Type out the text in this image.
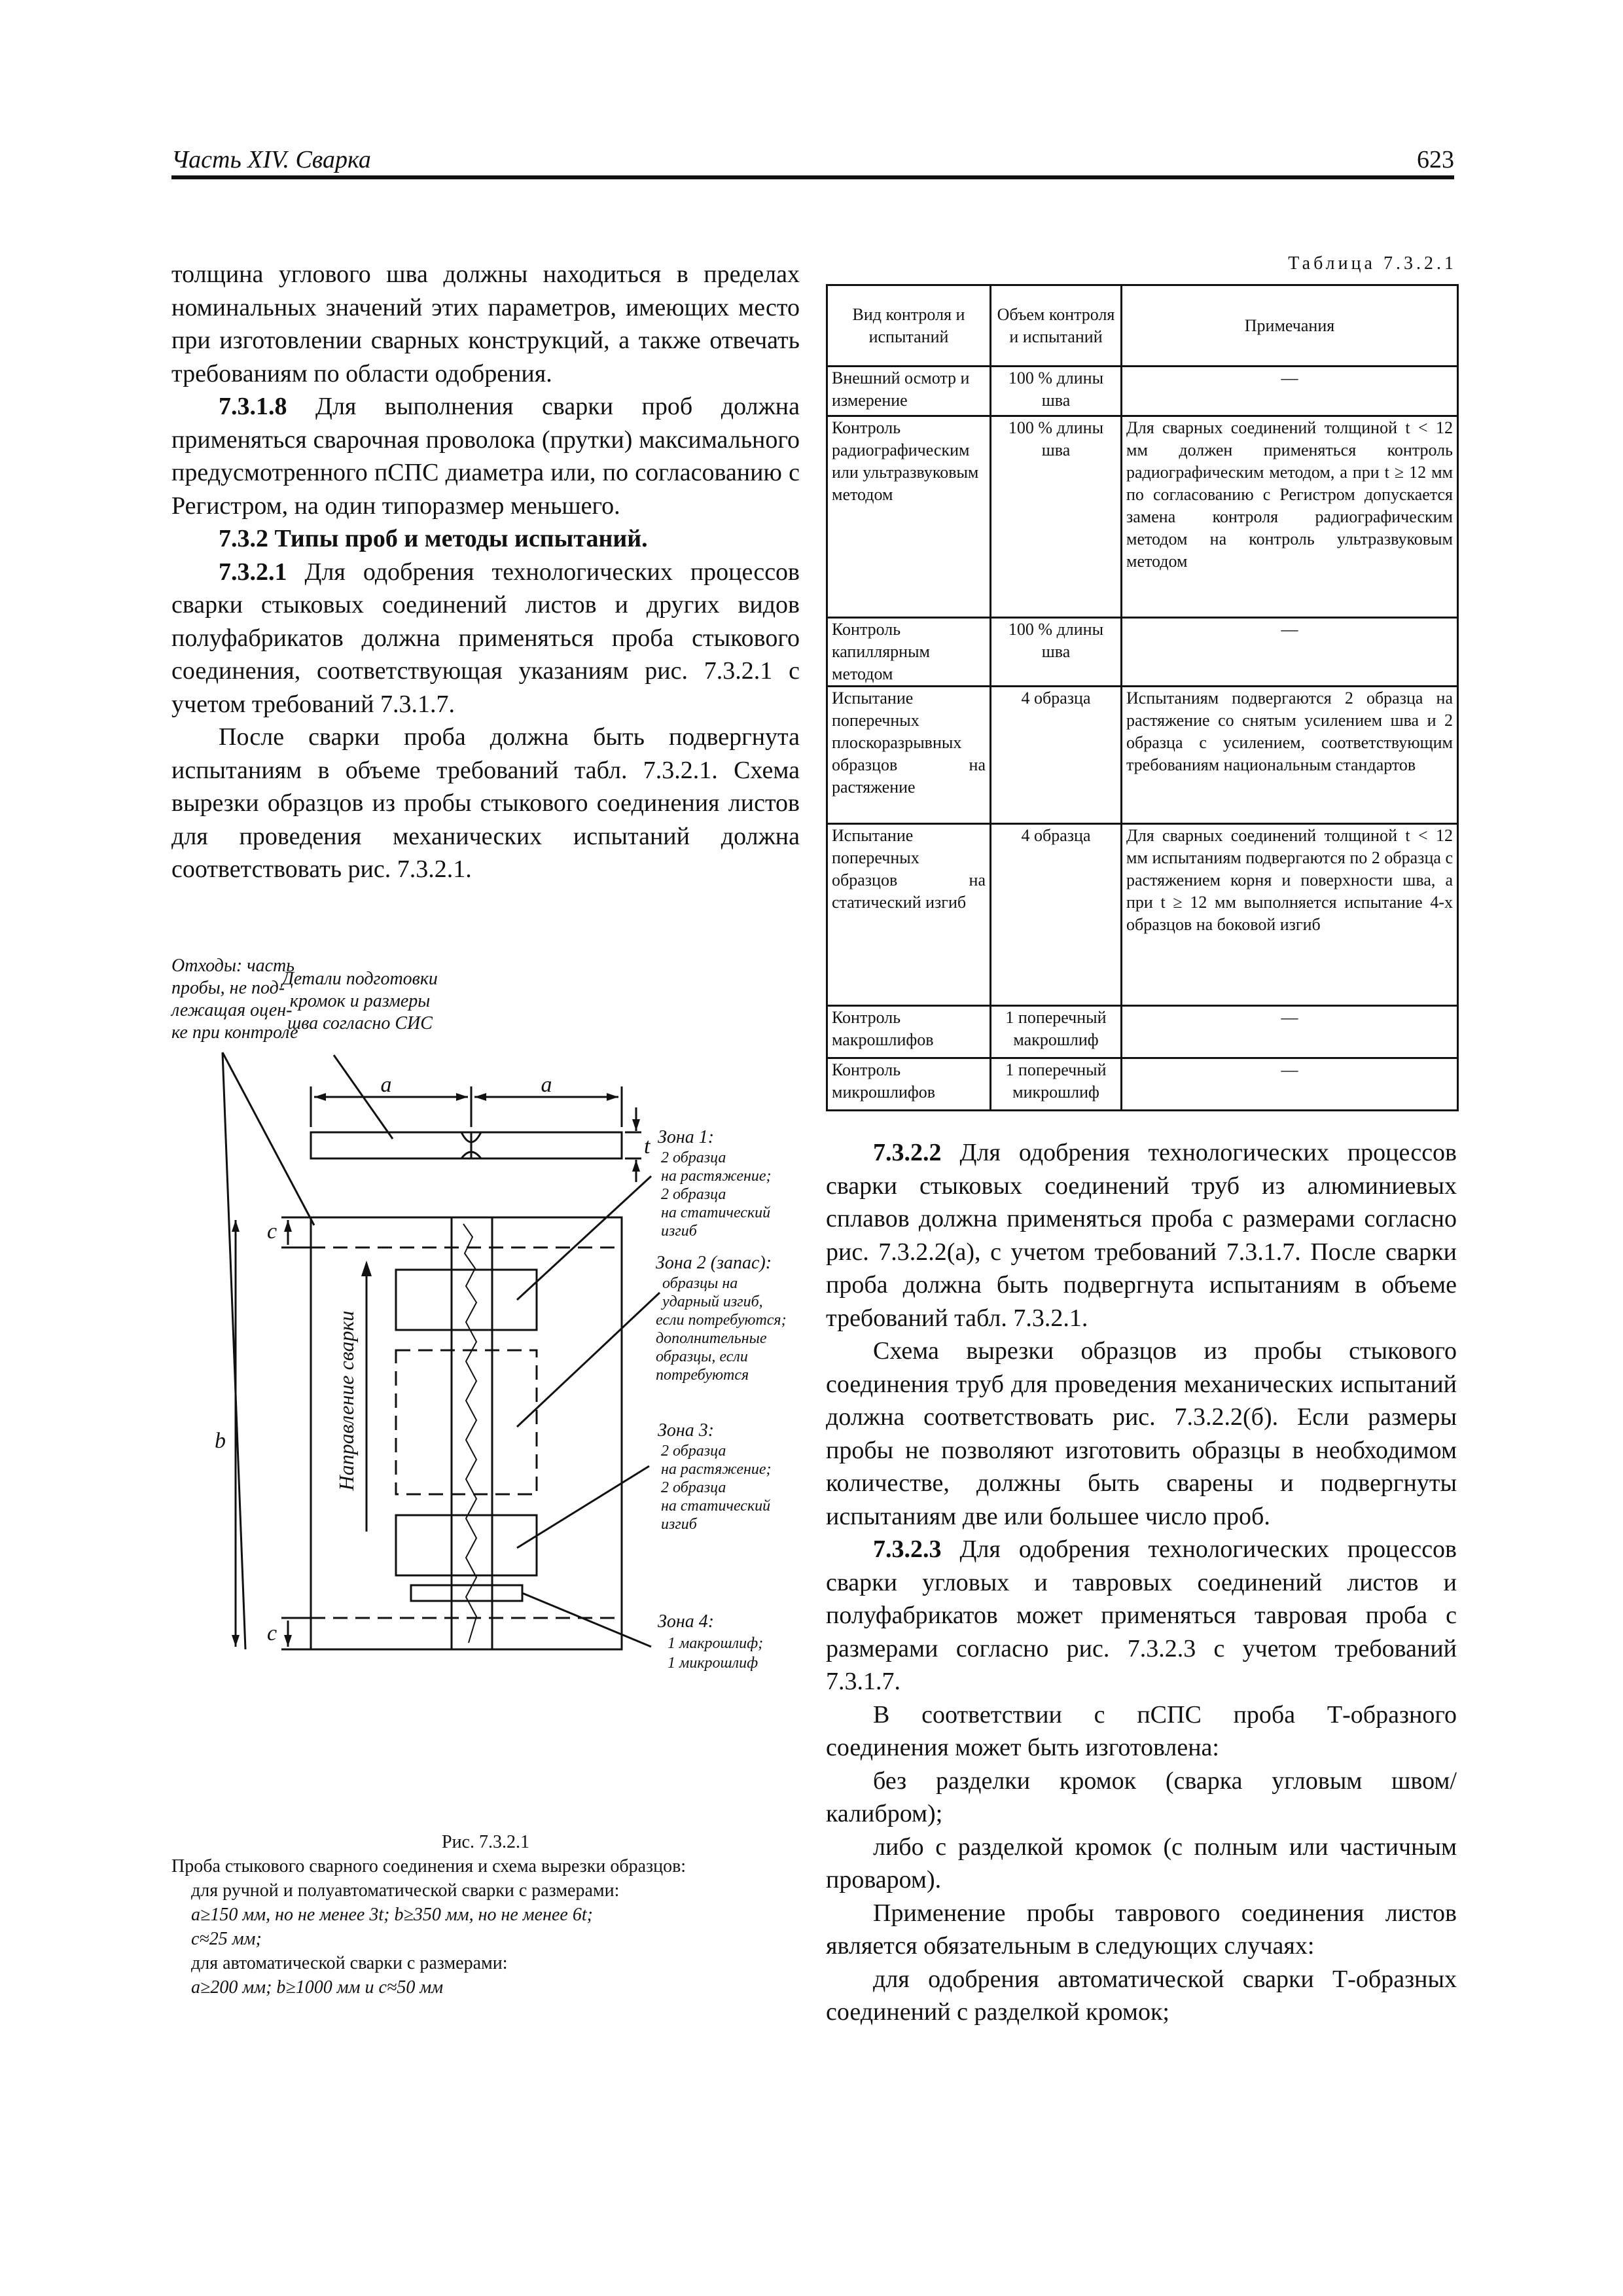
Часть XIV. Сварка	623

толщина углового шва должны находиться в пределах номинальных значений этих параметров, имеющих место при изготовлении сварных конструкций, а также отвечать требованиям по области одобрения.

7.3.1.8 Для выполнения сварки проб должна применяться сварочная проволока (прутки) максимального предусмотренного пСПС диаметра или, по согласованию с Регистром, на один типоразмер меньшего.

7.3.2 Типы проб и методы испытаний.

7.3.2.1 Для одобрения технологических процессов сварки стыковых соединений листов и других видов полуфабрикатов должна применяться проба стыкового соединения, соответствующая указаниям рис. 7.3.2.1 с учетом требований 7.3.1.7.

После сварки проба должна быть подвергнута испытаниям в объеме требований табл. 7.3.2.1. Схема вырезки образцов из пробы стыкового соединения листов для проведения механических испытаний должна соответствовать рис. 7.3.2.1.

Отходы: часть пробы, не под-лежащая оцен-ке при контроле
Детали подготовки кромок и размеры шва согласно СИС
a	a
t
b
c
c
Направление сварки
Зона 1: 2 образца на растяжение; 2 образца на статический изгиб
Зона 2 (запас): образцы на ударный изгиб, если потребуются; дополнительные образцы, если потребуются
Зона 3: 2 образца на растяжение; 2 образца на статический изгиб
Зона 4: 1 макрошлиф; 1 микрошлиф
Рис. 7.3.2.1
Проба стыкового сварного соединения и схема вырезки образцов:
для ручной и полуавтоматической сварки с размерами:
a≥150 мм, но не менее 3t; b≥350 мм, но не менее 6t;
c≈25 мм;
для автоматической сварки с размерами:
a≥200 мм; b≥1000 мм и c≈50 мм
Таблица 7.3.2.1
Вид контроля и испытаний	Объем контроля и испытаний	Примечания
Внешний осмотр и измерение	100 % длины шва	—
Контроль радиографическим или ультразвуковым методом	100 % длины шва	Для сварных соединений толщиной t < 12 мм должен применяться контроль радиографическим методом, а при t ≥ 12 мм по согласованию с Регистром допускается замена контроля радиографическим методом на контроль ультразвуковым методом
Контроль капиллярным методом	100 % длины шва	—
Испытание поперечных плоскоразрывных образцов на растяжение	4 образца	Испытаниям подвергаются 2 образца на растяжение со снятым усилением шва и 2 образца с усилением, соответствующим требованиям национальным стандартов
Испытание поперечных образцов на статический изгиб	4 образца	Для сварных соединений толщиной t < 12 мм испытаниям подвергаются по 2 образца с растяжением корня и поверхности шва, а при t ≥ 12 мм выполняется испытание 4-х образцов на боковой изгиб
Контроль макрошлифов	1 поперечный макрошлиф	—
Контроль микрошлифов	1 поперечный микрошлиф	—

7.3.2.2 Для одобрения технологических процессов сварки стыковых соединений труб из алюминиевых сплавов должна применяться проба с размерами согласно рис. 7.3.2.2(а), с учетом требований 7.3.1.7. После сварки проба должна быть подвергнута испытаниям в объеме требований табл. 7.3.2.1.

Схема вырезки образцов из пробы стыкового соединения труб для проведения механических испытаний должна соответствовать рис. 7.3.2.2(б). Если размеры пробы не позволяют изготовить образцы в необходимом количестве, должны быть сварены и подвергнуты испытаниям две или большее число проб.

7.3.2.3 Для одобрения технологических процессов сварки угловых и тавровых соединений листов и полуфабрикатов может применяться тавровая проба с размерами согласно рис. 7.3.2.3 с учетом требований 7.3.1.7.

В соответствии с пСПС проба Т-образного соединения может быть изготовлена:

без разделки кромок (сварка угловым швом/калибром);

либо с разделкой кромок (с полным или частичным проваром).

Применение пробы таврового соединения листов является обязательным в следующих случаях:

для одобрения автоматической сварки Т-образных соединений с разделкой кромок;
